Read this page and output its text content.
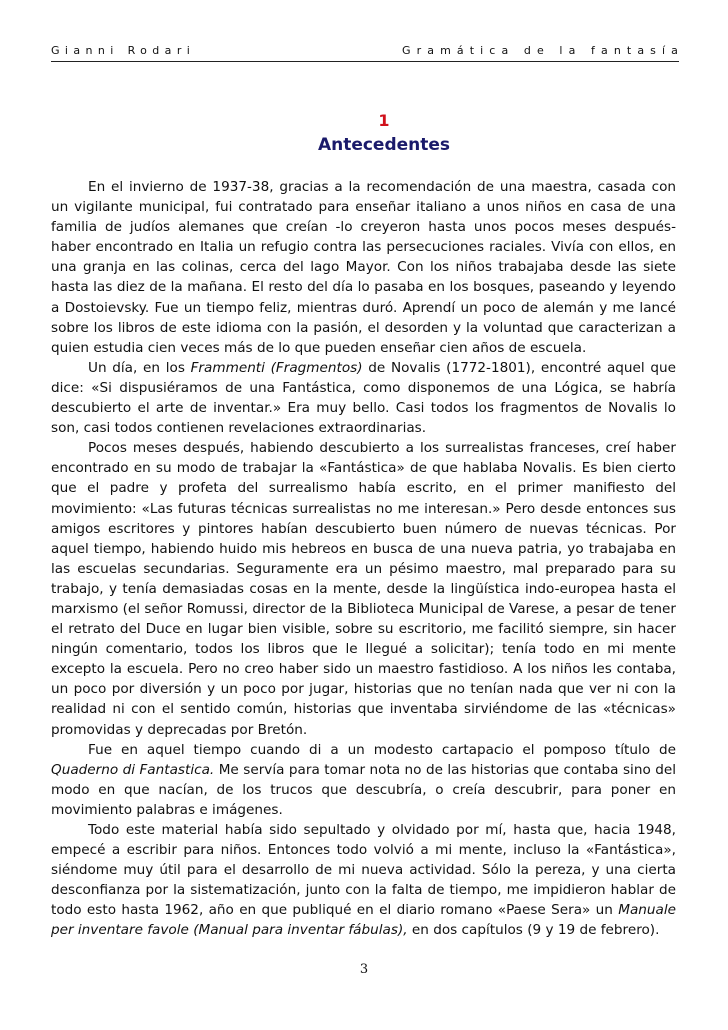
Gianni Rodari	Gramática de la fantasía
1
Antecedentes

En el invierno de 1937-38, gracias a la recomendación de una maestra, casada con un vigilante municipal, fui contratado para enseñar italiano a unos niños en casa de una familia de judíos alemanes que creían -lo creyeron hasta unos pocos meses después- haber encontrado en Italia un refugio contra las persecuciones raciales. Vivía con ellos, en una granja en las colinas, cerca del lago Mayor. Con los niños trabajaba desde las siete hasta las diez de la mañana. El resto del día lo pasaba en los bosques, paseando y leyendo a Dostoievsky. Fue un tiempo feliz, mientras duró. Aprendí un poco de alemán y me lancé sobre los libros de este idioma con la pasión, el desorden y la voluntad que caracterizan a quien estudia cien veces más de lo que pueden enseñar cien años de escuela.

Un día, en los Frammenti (Fragmentos) de Novalis (1772-1801), encontré aquel que dice: «Si dispusiéramos de una Fantástica, como disponemos de una Lógica, se habría descubierto el arte de inventar.» Era muy bello. Casi todos los fragmentos de Novalis lo son, casi todos contienen revelaciones extraordinarias.

Pocos meses después, habiendo descubierto a los surrealistas franceses, creí haber encontrado en su modo de trabajar la «Fantástica» de que hablaba Novalis. Es bien cierto que el padre y profeta del surrealismo había escrito, en el primer manifiesto del movimiento: «Las futuras técnicas surrealistas no me interesan.» Pero desde entonces sus amigos escritores y pintores habían descubierto buen número de nuevas técnicas. Por aquel tiempo, habiendo huido mis hebreos en busca de una nueva patria, yo trabajaba en las escuelas secundarias. Seguramente era un pésimo maestro, mal preparado para su trabajo, y tenía demasiadas cosas en la mente, desde la lingüística indo-europea hasta el marxismo (el señor Romussi, director de la Biblioteca Municipal de Varese, a pesar de tener el retrato del Duce en lugar bien visible, sobre su escritorio, me facilitó siempre, sin hacer ningún comentario, todos los libros que le llegué a solicitar); tenía todo en mi mente excepto la escuela. Pero no creo haber sido un maestro fastidioso. A los niños les contaba, un poco por diversión y un poco por jugar, historias que no tenían nada que ver ni con la realidad ni con el sentido común, historias que inventaba sirviéndome de las «técnicas» promovidas y deprecadas por Bretón.

Fue en aquel tiempo cuando di a un modesto cartapacio el pomposo título de Quaderno di Fantastica. Me servía para tomar nota no de las historias que contaba sino del modo en que nacían, de los trucos que descubría, o creía descubrir, para poner en movimiento palabras e imágenes.

Todo este material había sido sepultado y olvidado por mí, hasta que, hacia 1948, empecé a escribir para niños. Entonces todo volvió a mi mente, incluso la «Fantástica», siéndome muy útil para el desarrollo de mi nueva actividad. Sólo la pereza, y una cierta desconfianza por la sistematización, junto con la falta de tiempo, me impidieron hablar de todo esto hasta 1962, año en que publiqué en el diario romano «Paese Sera» un Manuale per inventare favole (Manual para inventar fábulas), en dos capítulos (9 y 19 de febrero).

3
